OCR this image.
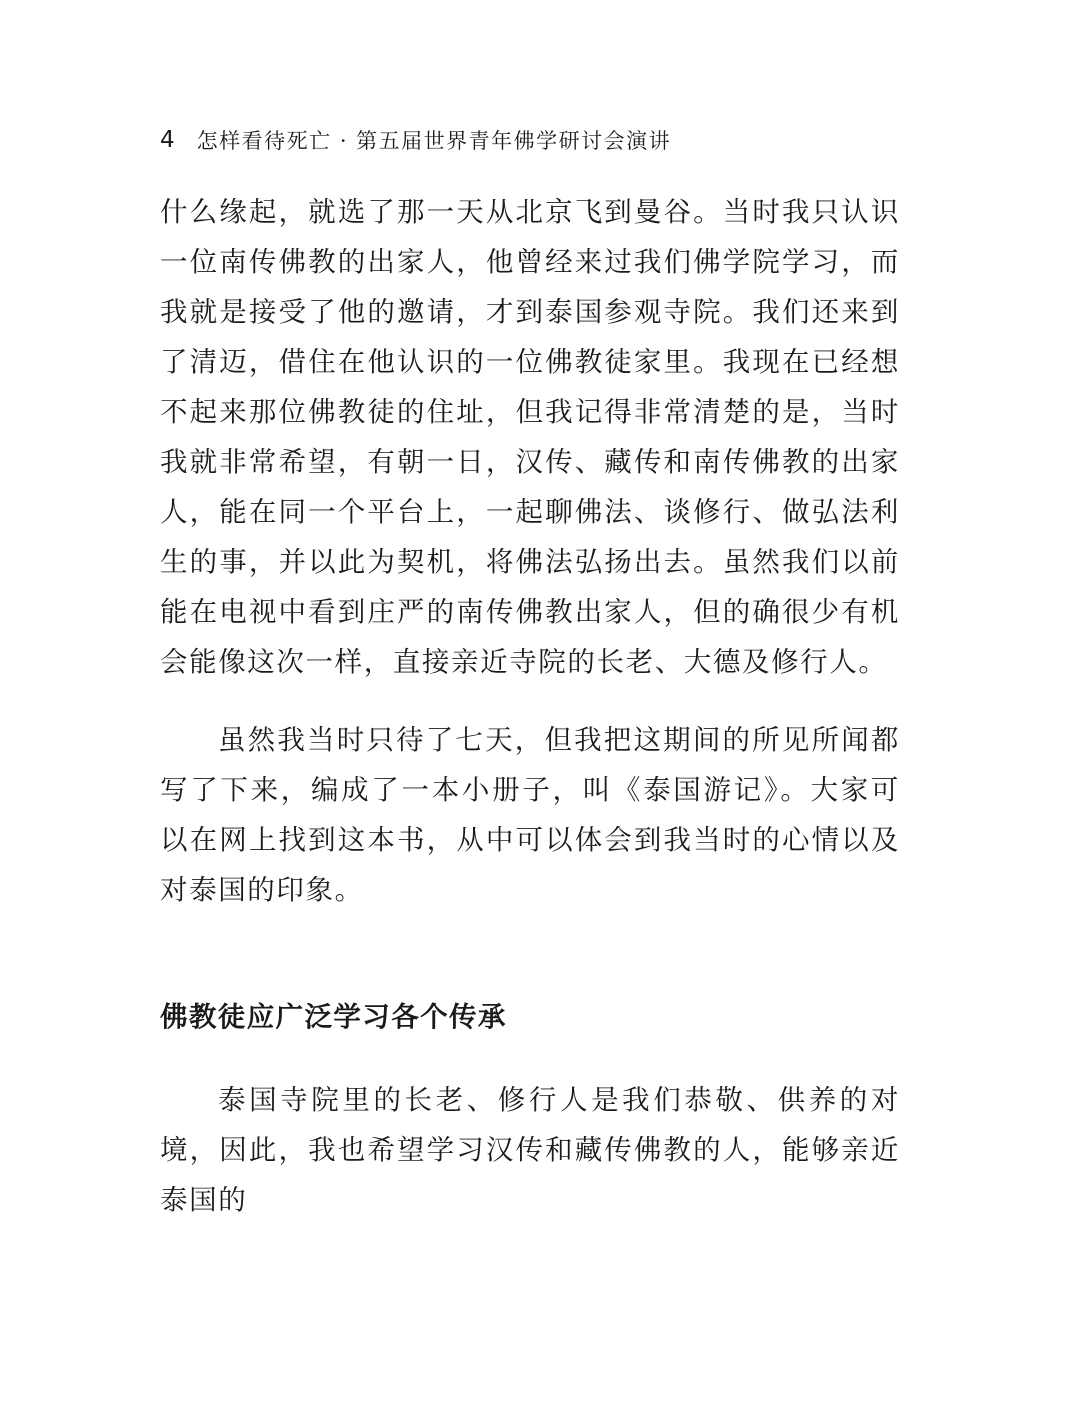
4 怎样看待死亡 · 第五届世界青年佛学研讨会演讲

什么缘起，就选了那一天从北京飞到曼谷。当时我只认识一位南传佛教的出家人，他曾经来过我们佛学院学习，而我就是接受了他的邀请，才到泰国参观寺院。我们还来到了清迈，借住在他认识的一位佛教徒家里。我现在已经想不起来那位佛教徒的住址，但我记得非常清楚的是，当时我就非常希望，有朝一日，汉传、藏传和南传佛教的出家人，能在同一个平台上，一起聊佛法、谈修行、做弘法利生的事，并以此为契机，将佛法弘扬出去。虽然我们以前能在电视中看到庄严的南传佛教出家人，但的确很少有机会能像这次一样，直接亲近寺院的长老、大德及修行人。

虽然我当时只待了七天，但我把这期间的所见所闻都写了下来，编成了一本小册子，叫《泰国游记》。大家可以在网上找到这本书，从中可以体会到我当时的心情以及对泰国的印象。

佛教徒应广泛学习各个传承

泰国寺院里的长老、修行人是我们恭敬、供养的对境，因此，我也希望学习汉传和藏传佛教的人，能够亲近泰国的
